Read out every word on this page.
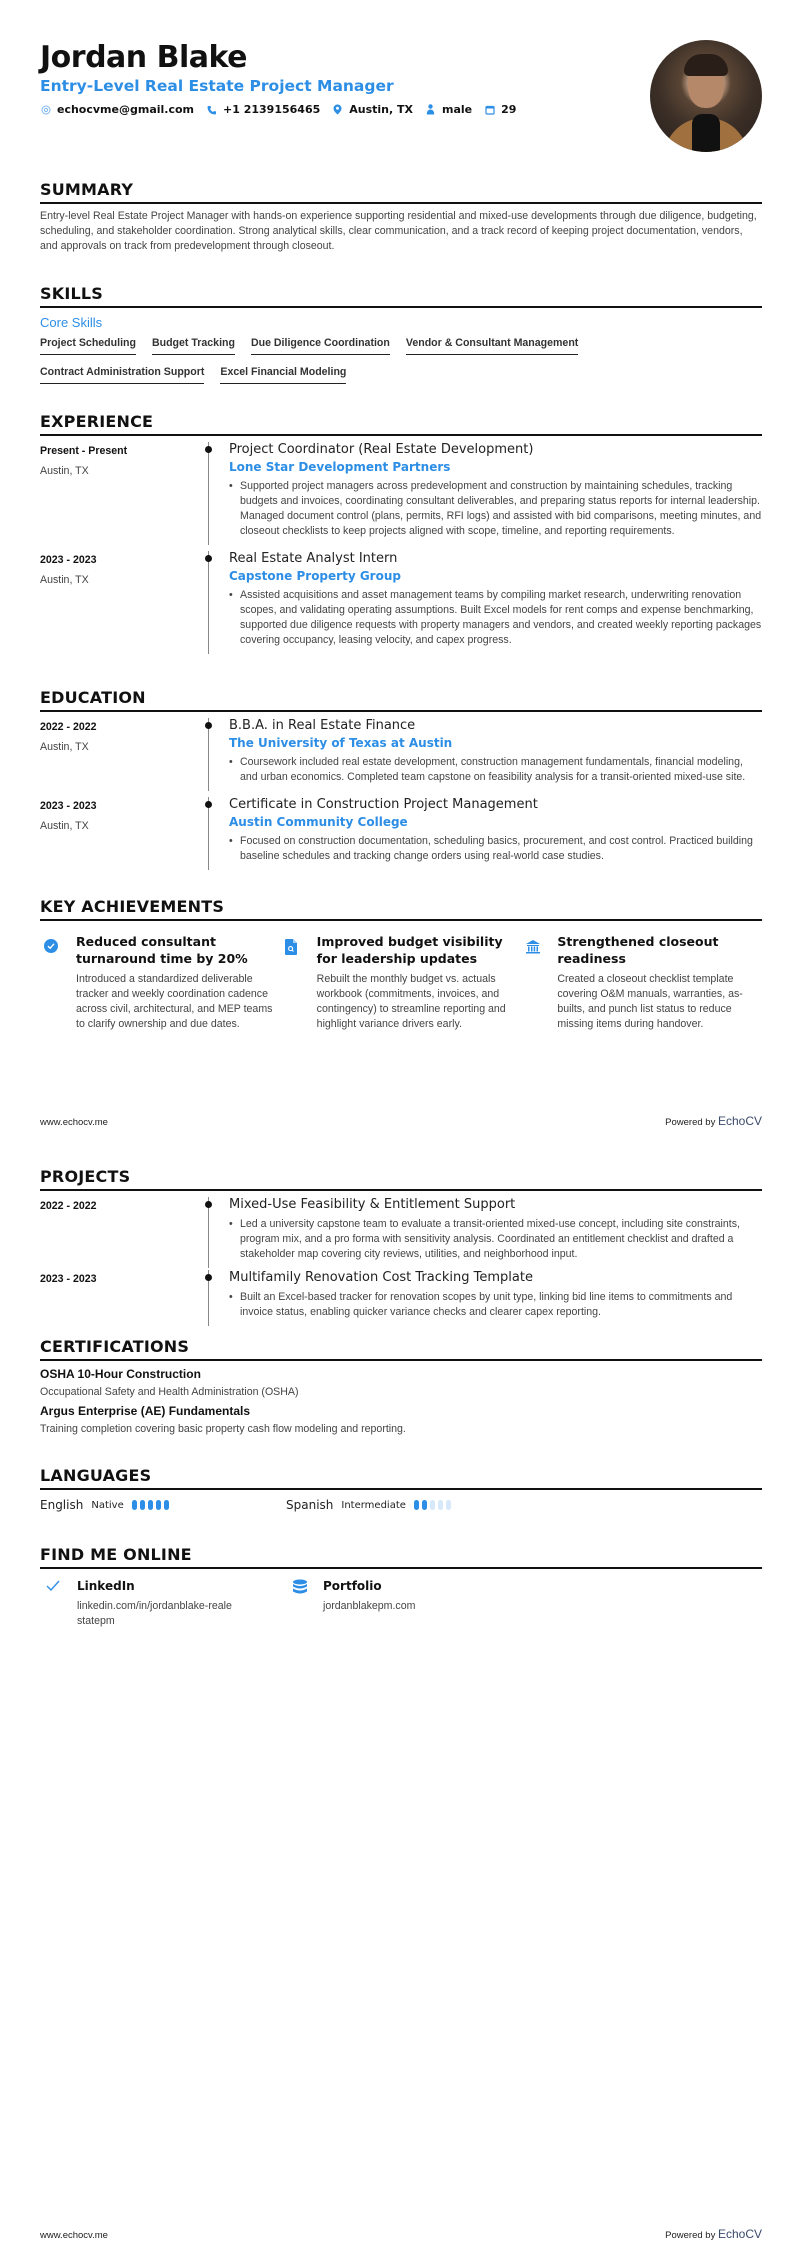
Jordan Blake
Entry-Level Real Estate Project Manager
echocvme@gmail.com	+1 2139156465	Austin, TX	male	29
SUMMARY
Entry-level Real Estate Project Manager with hands-on experience supporting residential and mixed-use developments through due diligence, budgeting, scheduling, and stakeholder coordination. Strong analytical skills, clear communication, and a track record of keeping project documentation, vendors, and approvals on track from predevelopment through closeout.
SKILLS
Core Skills
Project Scheduling Budget Tracking Due Diligence Coordination Vendor & Consultant Management
Contract Administration Support Excel Financial Modeling
EXPERIENCE
Present - Present
Austin, TX
Project Coordinator (Real Estate Development)
Lone Star Development Partners
• Supported project managers across predevelopment and construction by maintaining schedules, tracking budgets and invoices, coordinating consultant deliverables, and preparing status reports for internal leadership. Managed document control (plans, permits, RFI logs) and assisted with bid comparisons, meeting minutes, and closeout checklists to keep projects aligned with scope, timeline, and reporting requirements.
2023 - 2023
Austin, TX
Real Estate Analyst Intern
Capstone Property Group
• Assisted acquisitions and asset management teams by compiling market research, underwriting renovation scopes, and validating operating assumptions. Built Excel models for rent comps and expense benchmarking, supported due diligence requests with property managers and vendors, and created weekly reporting packages covering occupancy, leasing velocity, and capex progress.
EDUCATION
2022 - 2022
Austin, TX
B.B.A. in Real Estate Finance
The University of Texas at Austin
• Coursework included real estate development, construction management fundamentals, financial modeling, and urban economics. Completed team capstone on feasibility analysis for a transit-oriented mixed-use site.
2023 - 2023
Austin, TX
Certificate in Construction Project Management
Austin Community College
• Focused on construction documentation, scheduling basics, procurement, and cost control. Practiced building baseline schedules and tracking change orders using real-world case studies.
KEY ACHIEVEMENTS
Reduced consultant turnaround time by 20%
Introduced a standardized deliverable tracker and weekly coordination cadence across civil, architectural, and MEP teams to clarify ownership and due dates.
Improved budget visibility for leadership updates
Rebuilt the monthly budget vs. actuals workbook (commitments, invoices, and contingency) to streamline reporting and highlight variance drivers early.
Strengthened closeout readiness
Created a closeout checklist template covering O&M manuals, warranties, as-builts, and punch list status to reduce missing items during handover.
www.echocv.me	Powered by EchoCV
PROJECTS
2022 - 2022	Mixed-Use Feasibility & Entitlement Support
• Led a university capstone team to evaluate a transit-oriented mixed-use concept, including site constraints, program mix, and a pro forma with sensitivity analysis. Coordinated an entitlement checklist and drafted a stakeholder map covering city reviews, utilities, and neighborhood input.
2023 - 2023	Multifamily Renovation Cost Tracking Template
• Built an Excel-based tracker for renovation scopes by unit type, linking bid line items to commitments and invoice status, enabling quicker variance checks and clearer capex reporting.
CERTIFICATIONS
OSHA 10-Hour Construction
Occupational Safety and Health Administration (OSHA)
Argus Enterprise (AE) Fundamentals
Training completion covering basic property cash flow modeling and reporting.
LANGUAGES
English Native	Spanish Intermediate
FIND ME ONLINE
LinkedIn
linkedin.com/in/jordanblake-realestatepm
Portfolio
jordanblakepm.com
www.echocv.me	Powered by EchoCV
